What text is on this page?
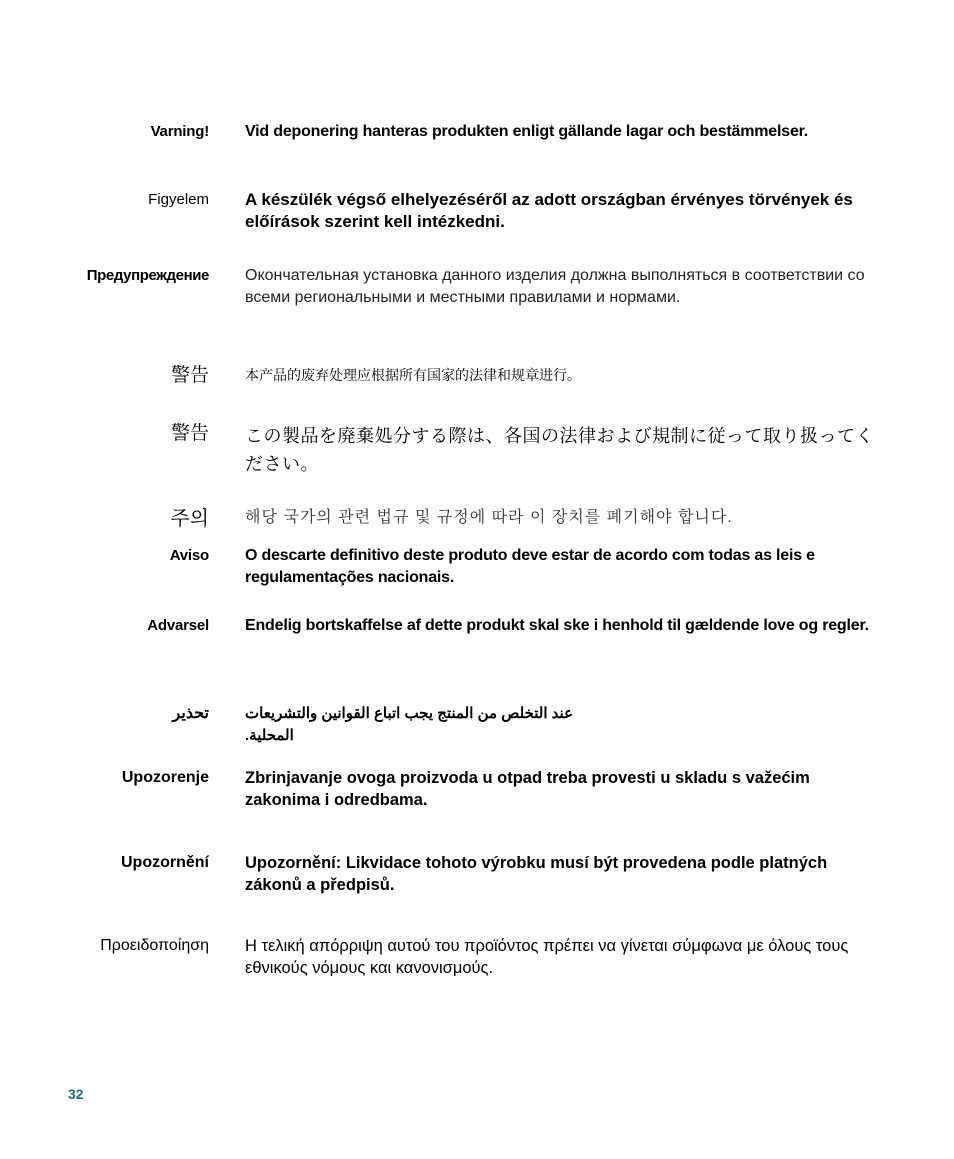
Varning! Vid deponering hanteras produkten enligt gällande lagar och bestämmelser.
Figyelem A készülék végső elhelyezéséről az adott országban érvényes törvények és előírások szerint kell intézkedni.
Предупреждение Окончательная установка данного изделия должна выполняться в соответствии со всеми региональными и местными правилами и нормами.
警告	本产品的废弃处理应根据所有国家的法律和规章进行。
警告 この製品を廃棄処分する際は、各国の法律および規制に従って取り扱ってください。
주의 해당 국가의 관련 법규 및 규정에 따라 이 장치를 폐기해야 합니다.
Aviso O descarte definitivo deste produto deve estar de acordo com todas as leis e regulamentações nacionais.
Advarsel Endelig bortskaffelse af dette produkt skal ske i henhold til gældende love og regler.
تحذير عند التخلص من المنتج يجب اتباع القوانين والتشريعات المحلية.
Upozorenje Zbrinjavanje ovoga proizvoda u otpad treba provesti u skladu s važećim zakonima i odredbama.
Upozornění Upozornění: Likvidace tohoto výrobku musí být provedena podle platných zákonů a předpisů.
Προειδοποίηση Η τελική απόρριψη αυτού του προϊόντος πρέπει να γίνεται σύμφωνα με όλους τους εθνικούς νόμους και κανονισμούς.
32
